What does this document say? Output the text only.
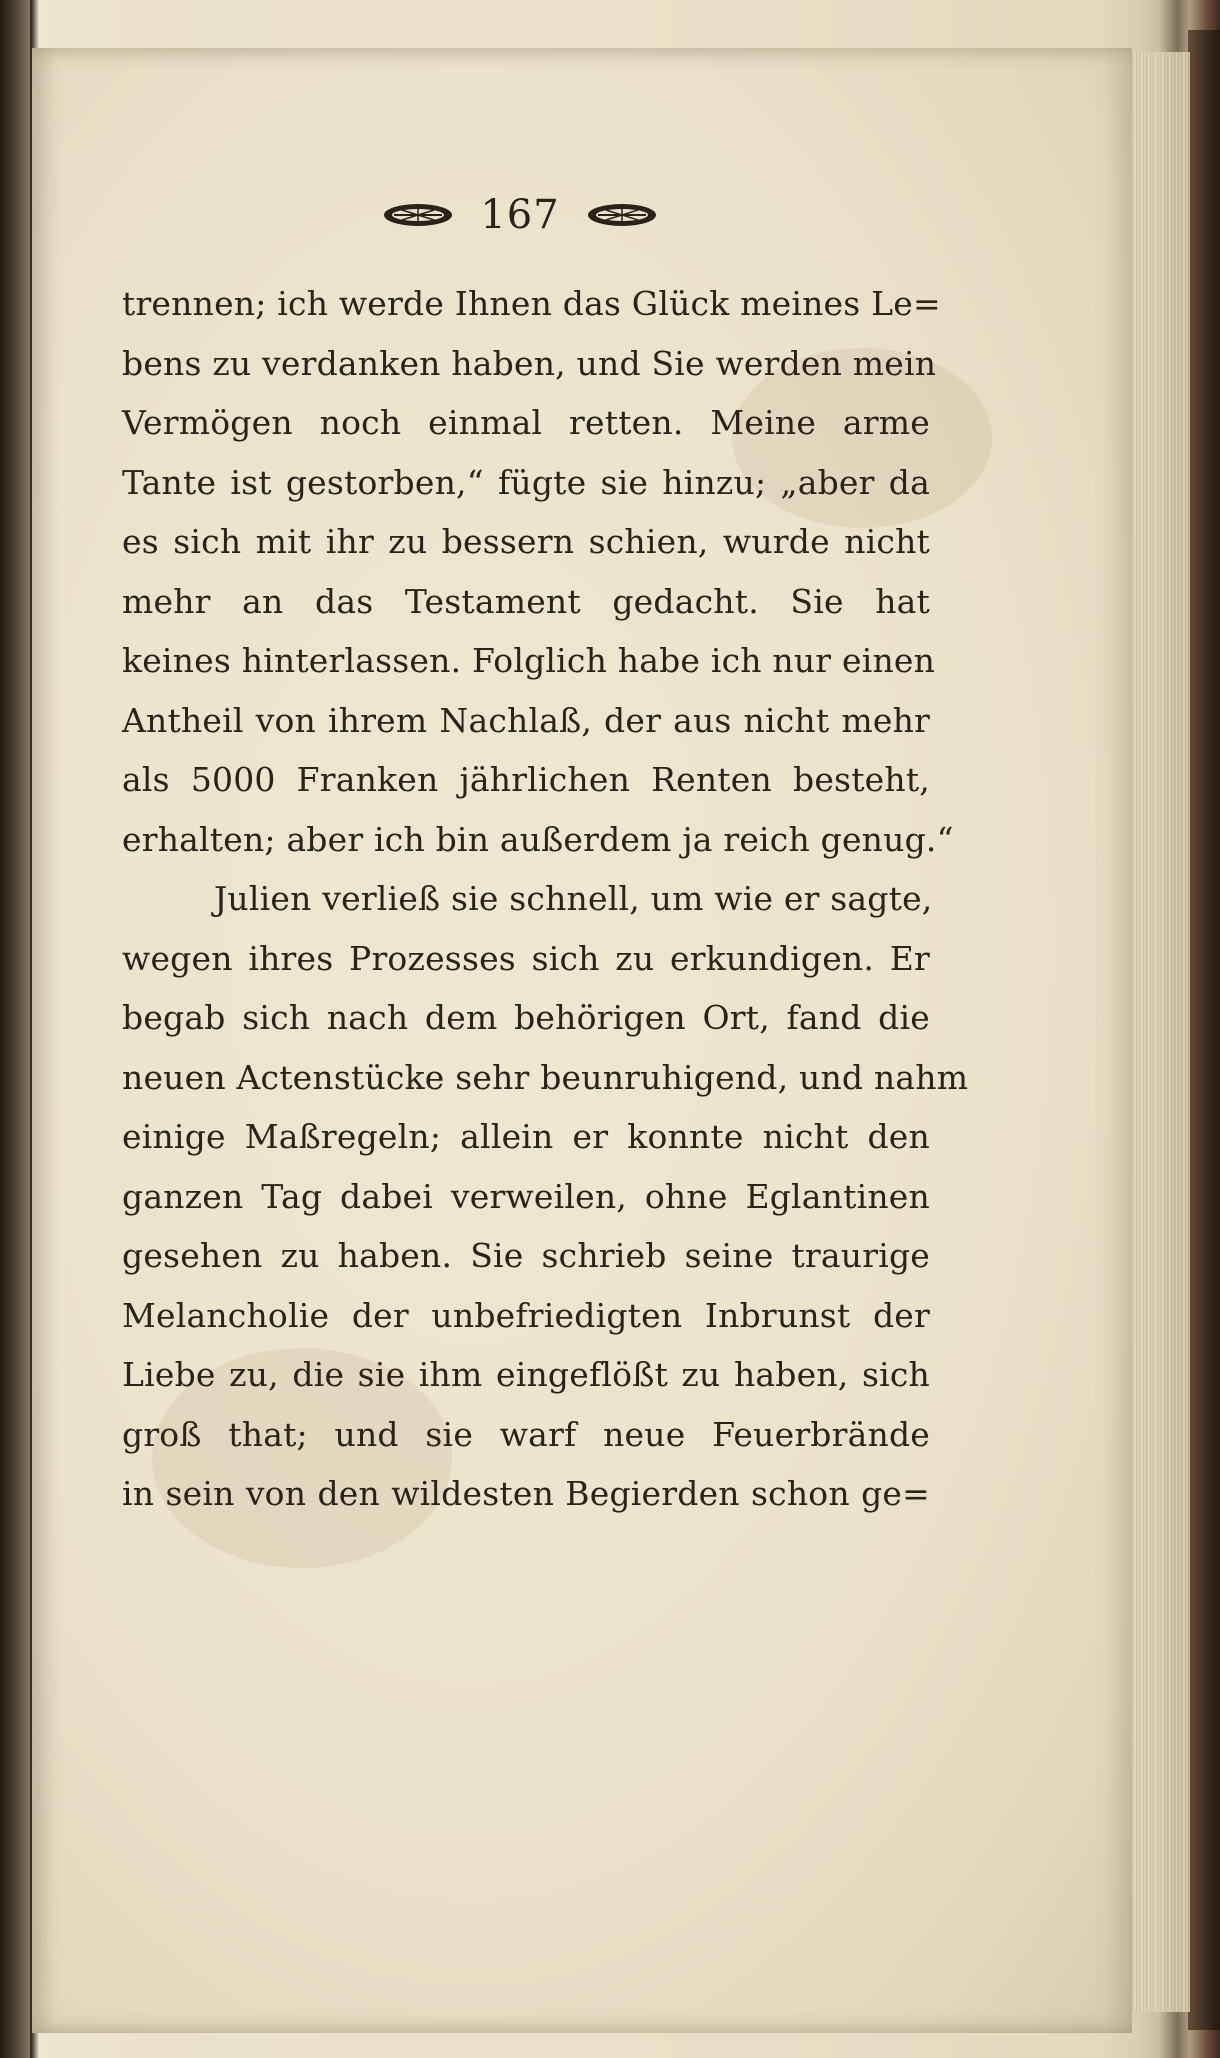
167
trennen; ich werde Ihnen das Glück meines Le=
bens zu verdanken haben, und Sie werden mein
Vermögen noch einmal retten. Meine arme
Tante ist gestorben,“ fügte sie hinzu; „aber da
es sich mit ihr zu bessern schien, wurde nicht
mehr an das Testament gedacht. Sie hat
keines hinterlassen. Folglich habe ich nur einen
Antheil von ihrem Nachlaß, der aus nicht mehr
als 5000 Franken jährlichen Renten besteht,
erhalten; aber ich bin außerdem ja reich genug.“
Julien verließ sie schnell, um wie er sagte,
wegen ihres Prozesses sich zu erkundigen. Er
begab sich nach dem behörigen Ort, fand die
neuen Actenstücke sehr beunruhigend, und nahm
einige Maßregeln; allein er konnte nicht den
ganzen Tag dabei verweilen, ohne Eglantinen
gesehen zu haben. Sie schrieb seine traurige
Melancholie der unbefriedigten Inbrunst der
Liebe zu, die sie ihm eingeflößt zu haben, sich
groß that; und sie warf neue Feuerbrände
in sein von den wildesten Begierden schon ge=
